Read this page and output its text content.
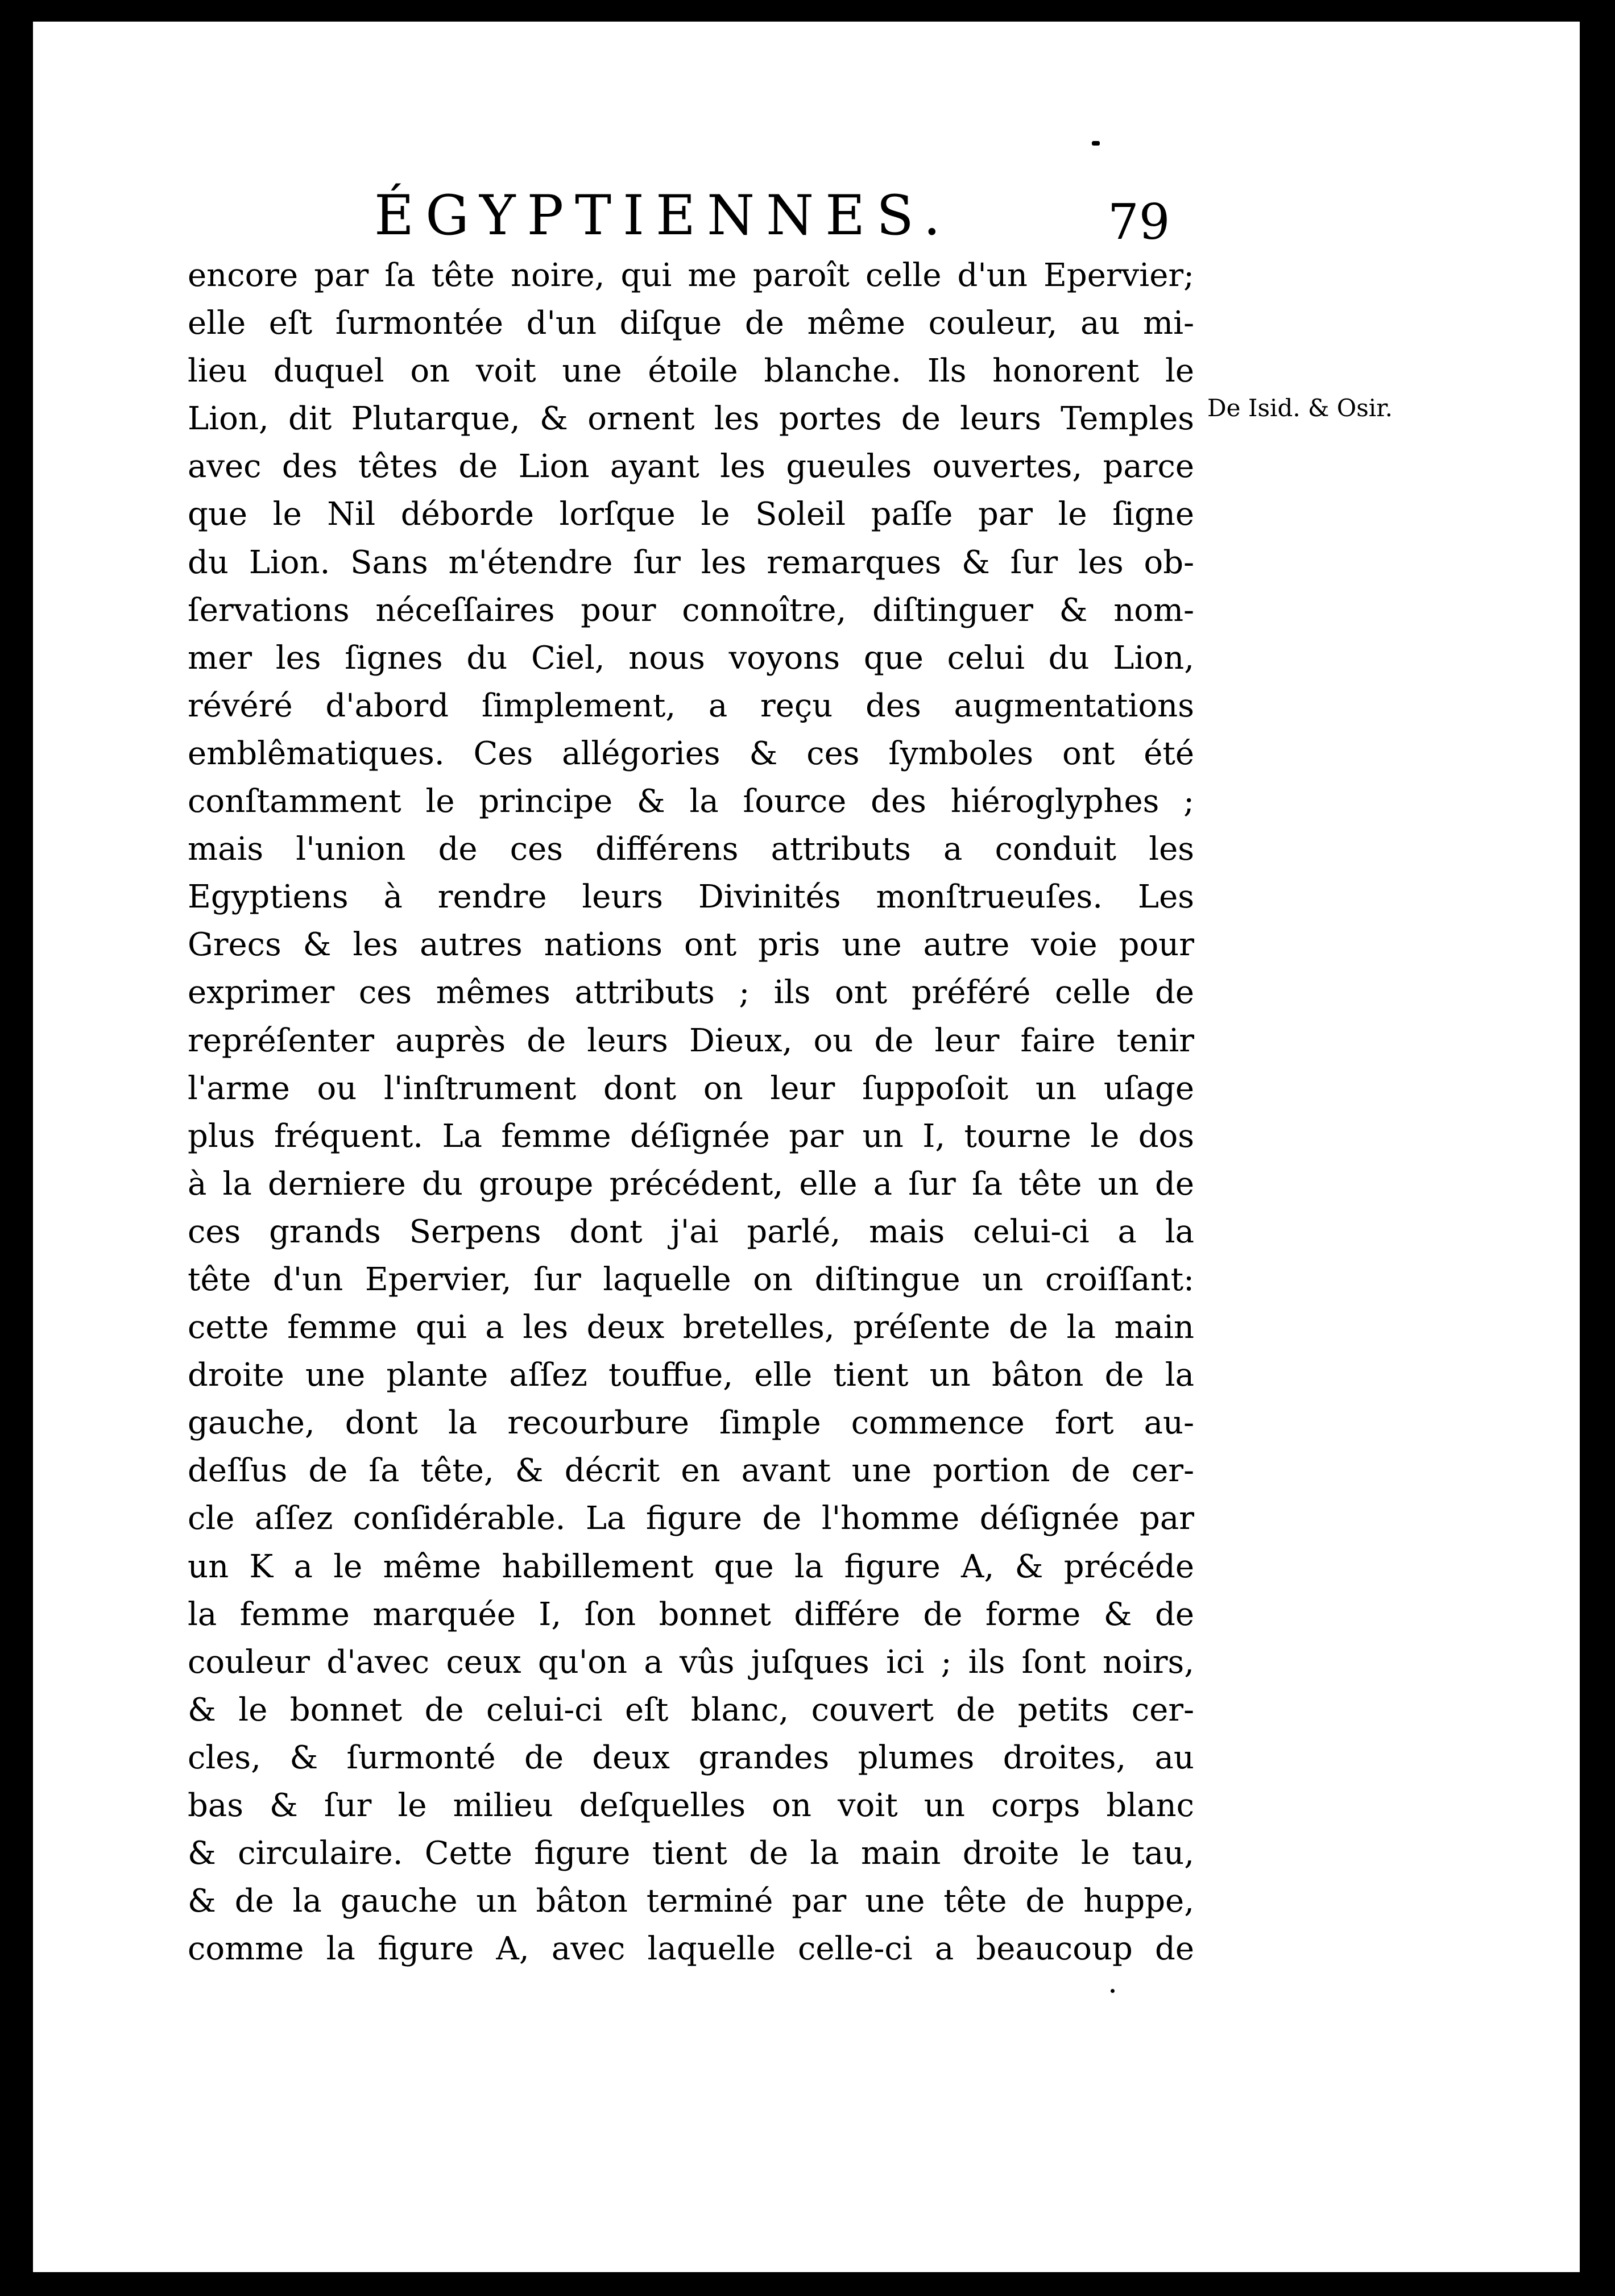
ÉGYPTIENNES.	79
De Isid. & Osir.
encore par ſa tête noire, qui me paroît celle d'un Epervier;
elle eſt ſurmontée d'un diſque de même couleur, au mi-
lieu duquel on voit une étoile blanche. Ils honorent le
Lion, dit Plutarque, & ornent les portes de leurs Temples
avec des têtes de Lion ayant les gueules ouvertes, parce
que le Nil déborde lorſque le Soleil paſſe par le ſigne
du Lion. Sans m'étendre ſur les remarques & ſur les ob-
ſervations néceſſaires pour connoître, diſtinguer & nom-
mer les ſignes du Ciel, nous voyons que celui du Lion,
révéré d'abord ſimplement, a reçu des augmentations
emblêmatiques. Ces allégories & ces ſymboles ont été
conſtamment le principe & la ſource des hiéroglyphes ;
mais l'union de ces différens attributs a conduit les
Egyptiens à rendre leurs Divinités monſtrueuſes. Les
Grecs & les autres nations ont pris une autre voie pour
exprimer ces mêmes attributs ; ils ont préféré celle de
repréſenter auprès de leurs Dieux, ou de leur faire tenir
l'arme ou l'inſtrument dont on leur ſuppoſoit un uſage
plus fréquent. La femme déſignée par un I, tourne le dos
à la derniere du groupe précédent, elle a ſur ſa tête un de
ces grands Serpens dont j'ai parlé, mais celui-ci a la
tête d'un Epervier, ſur laquelle on diſtingue un croiſſant:
cette femme qui a les deux bretelles, préſente de la main
droite une plante aſſez touffue, elle tient un bâton de la
gauche, dont la recourbure ſimple commence fort au-
deſſus de ſa tête, & décrit en avant une portion de cer-
cle aſſez conſidérable. La figure de l'homme déſignée par
un K a le même habillement que la figure A, & précéde
la femme marquée I, ſon bonnet différe de forme & de
couleur d'avec ceux qu'on a vûs juſques ici ; ils ſont noirs,
& le bonnet de celui-ci eſt blanc, couvert de petits cer-
cles, & ſurmonté de deux grandes plumes droites, au
bas & ſur le milieu deſquelles on voit un corps blanc
& circulaire. Cette figure tient de la main droite le tau,
& de la gauche un bâton terminé par une tête de huppe,
comme la figure A, avec laquelle celle-ci a beaucoup de
